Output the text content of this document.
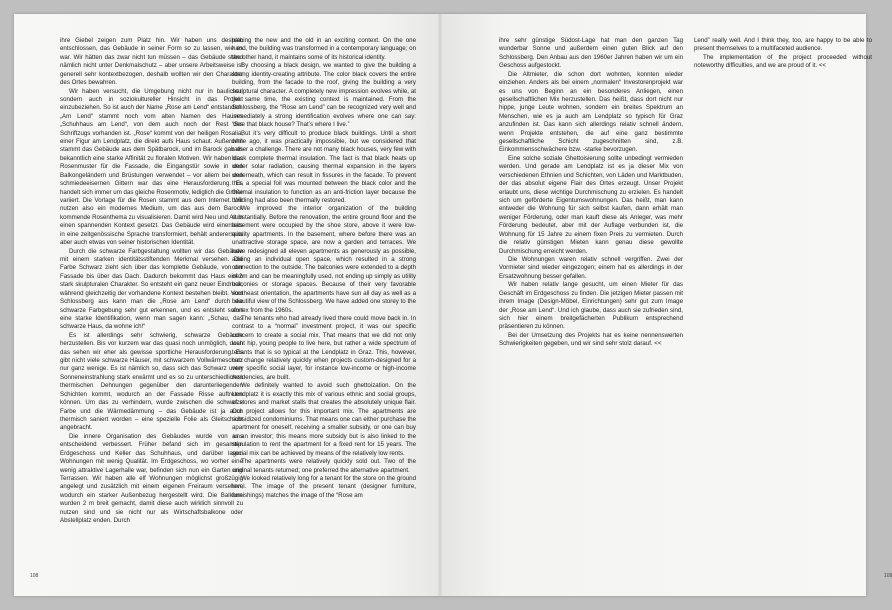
ihre Giebel zeigen zum Platz hin. Wir haben uns deshalb entschlossen, das Gebäude in seiner Form so zu lassen, wie es war. Wir hätten das zwar nicht tun müssen – das Gebäude stand nämlich nicht unter Denkmalschutz – aber unsere Arbeitsweise ist generell sehr kontextbezogen, deshalb wollten wir den Charakter des Ortes bewahren.

Wir haben versucht, die Umgebung nicht nur in baulicher, sondern auch in soziokultureller Hinsicht in das Projekt einzubeziehen. So ist auch der Name „Rose am Lend“ entstanden. „Am Lend“ stammt noch vom alten Namen des Hauses „Schuhhaus am Lend“, von dem auch noch der Rest des Schriftzugs vorhanden ist. „Rose“ kommt von der heiligen Rosalia, einer Figur am Lendplatz, die direkt aufs Haus schaut. Außerdem stammt das Gebäude aus dem Spätbarock, und im Barock gab es bekanntlich eine starke Affinität zu floralen Motiven. Wir haben das Rosenmuster für die Fassade, die Eingangstür sowie in den Balkongeländern und Brüstungen verwendet – vor allem bei den schmiedeeisernen Gittern war das eine Herausforderung. Es handelt sich immer um das gleiche Rosenmotiv, lediglich die Größe variiert. Die Vorlage für die Rosen stammt aus dem Internet. Wir nutzen also ein modernes Medium, um das aus dem Barock kommende Rosenthema zu visualisieren. Damit wird Neu und Alt in einen spannenden Kontext gesetzt. Das Gebäude wird einerseits in eine zeitgenössische Sprache transformiert, behält andererseits aber auch etwas von seiner historischen Identität.

Durch die schwarze Farbgestaltung wollten wir das Gebäude mit einem starken identitätsstiftenden Merkmal versehen. Die Farbe Schwarz zieht sich über das komplette Gebäude, von der Fassade bis über das Dach. Dadurch bekommt das Haus einen stark skulpturalen Charakter. So entsteht ein ganz neuer Eindruck, während gleichzeitig der vorhandene Kontext bestehen bleibt. Vom Schlossberg aus kann man die „Rose am Lend“ durch die schwarze Farbgebung sehr gut erkennen, und es entsteht sofort eine starke Identifikation, wenn man sagen kann: „Schau, das schwarze Haus, da wohne ich!“

Es ist allerdings sehr schwierig, schwarze Gebäude herzustellen. Bis vor kurzem war das quasi noch unmöglich, doch das sehen wir eher als gewisse sportliche Herausforderung. Es gibt nicht viele schwarze Häuser, mit schwarzem Vollwärmeschutz nur ganz wenige. Es ist nämlich so, dass sich das Schwarz unter Sonneneinstrahlung stark erwärmt und es so zu unterschiedlichen thermischen Dehnungen gegenüber den darunterliegenden Schichten kommt, wodurch an der Fassade Risse auftreten können. Um das zu verhindern, wurde zwischen die schwarze Farbe und die Wärmedämmung – das Gebäude ist ja auch thermisch saniert worden – eine spezielle Folie als Gleitschicht angebracht.

Die innere Organisation des Gebäudes wurde von uns entscheidend verbessert. Früher befand sich im gesamten Erdgeschoss und Keller das Schuhhaus, und darüber lagen Wohnungen mit wenig Qualität. Im Erdgeschoss, wo vorher eine wenig attraktive Lagerhalle war, befinden sich nun ein Garten und Terrassen. Wir haben alle elf Wohnungen möglichst großzügig angelegt und zusätzlich mit einem eigenen Freiraum versehen, wodurch ein starker Außenbezug hergestellt wird. Die Balkone wurden 2 m breit gemacht, damit diese auch wirklich sinnvoll zu nutzen sind und sie nicht nur als Wirtschaftsbalkone oder Abstellplatz enden. Durch

108	109

placing the new and the old in an exciting context. On the one hand, the building was transformed in a contemporary language; on the other hand, it maintains some of its historical identity.

By choosing a black design, we wanted to give the building a strong identity-creating attribute. The color black covers the entire building, from the facade to the roof, giving the building a very sculptural character. A completely new impression evolves while, at the same time, the existing context is maintained. From the Schlossberg, the “Rose am Lend” can be recognized very well and immediately a strong identification evolves where one can say: “See that black house? That’s where I live.”

But it’s very difficult to produce black buildings. Until a short while ago, it was practically impossible, but we considered that rather a challenge. There are not many black houses, very few with black complete thermal insulation. The fact is that black heats up under solar radiation, causing thermal expansion in the layers underneath, which can result in fissures in the facade. To prevent this, a special foil was mounted between the black color and the thermal insulation to function as an anti-friction layer because the building had also been thermally restored.

We improved the interior organization of the building substantially. Before the renovation, the entire ground floor and the basement were occupied by the shoe store, above it were low-quality apartments. In the basement, where before there was an unattractive storage space, are now a garden and terraces. We have redesigned all eleven apartments as generously as possible, adding an individual open space, which resulted in a strong connection to the outside. The balconies were extended to a depth of 2m and can be meaningfully used, not ending up simply as utility balconies or storage spaces. Because of their very favorable southeast orientation, the apartments have sun all day as well as a beautiful view of the Schlossberg. We have added one storey to the annex from the 1960s.

The tenants who had already lived there could move back in. In contrast to a “normal” investment project, it was our specific concern to create a social mix. That means that we did not only want hip, young people to live here, but rather a wide spectrum of tenants that is so typical at the Lendplatz in Graz. This, however, can change relatively quickly when projects custom-designed for a very specific social layer, for instance low-income or high-income residencies, are built.

We definitely wanted to avoid such ghettoization. On the Lendplatz it is exactly this mix of various ethnic and social groups, of stores and market stalls that creates the absolutely unique flair. Our project allows for this important mix. The apartments are subsidized condominiums. That means one can either purchase the apartment for oneself, receiving a smaller subsidy, or one can buy as an investor; this means more subsidy but is also linked to the stipulation to rent the apartment for a fixed rent for 15 years. The social mix can be achieved by means of the relatively low rents.

The apartments were relatively quickly sold out. Two of the original tenants returned; one preferred the alternative apartment.

We looked relatively long for a tenant for the store on the ground level. The image of the present tenant (designer furniture, furnishings) matches the image of the “Rose am

ihre sehr günstige Südost-Lage hat man den ganzen Tag wunderbar Sonne und außerdem einen guten Blick auf den Schlossberg. Den Anbau aus den 1960er Jahren haben wir um ein Geschoss aufgestockt.

Die Altmieter, die schon dort wohnten, konnten wieder einziehen. Anders als bei einem „normalen“ Investorenprojekt war es uns von Beginn an ein besonderes Anliegen, einen gesellschaftlichen Mix herzustellen. Das heißt, dass dort nicht nur hippe, junge Leute wohnen, sondern ein breites Spektrum an Menschen, wie es ja auch am Lendplatz so typisch für Graz anzufinden ist. Das kann sich allerdings relativ schnell ändern, wenn Projekte entstehen, die auf eine ganz bestimmte gesellschaftliche Schicht zugeschnitten sind, z.B. Einkommensschwächere bzw. -starke bevorzugen.

Eine solche soziale Ghettoisierung sollte unbedingt vermieden werden. Und gerade am Lendplatz ist es ja dieser Mix von verschiedenen Ethnien und Schichten, von Läden und Marktbuden, der das absolut eigene Flair des Ortes erzeugt. Unser Projekt erlaubt uns, diese wichtige Durchmischung zu erzielen. Es handelt sich um geförderte Eigentumswohnungen. Das heißt, man kann entweder die Wohnung für sich selbst kaufen, dann erhält man weniger Förderung, oder man kauft diese als Anleger, was mehr Förderung bedeutet, aber mit der Auflage verbunden ist, die Wohnung für 15 Jahre zu einem fixen Preis zu vermieten. Durch die relativ günstigen Mieten kann genau diese gewollte Durchmischung erreicht werden.

Die Wohnungen waren relativ schnell vergriffen. Zwei der Vormieter sind wieder eingezogen; einem hat es allerdings in der Ersatzwohnung besser gefallen.

Wir haben relativ lange gesucht, um einen Mieter für das Geschäft im Erdgeschoss zu finden. Die jetzigen Mieter passen mit ihrem Image (Design-Möbel, Einrichtungen) sehr gut zum Image der „Rose am Lend“. Und ich glaube, dass auch sie zufrieden sind, sich hier einem breitgefächerten Publikum entsprechend präsentieren zu können.

Bei der Umsetzung des Projekts hat es keine nennenswerten Schwierigkeiten gegeben, und wir sind sehr stolz darauf. <<

Lend” really well. And I think they, too, are happy to be able to present themselves to a multifaceted audience.

The implementation of the project proceeded without noteworthy difficulties, and we are proud of it. <<
